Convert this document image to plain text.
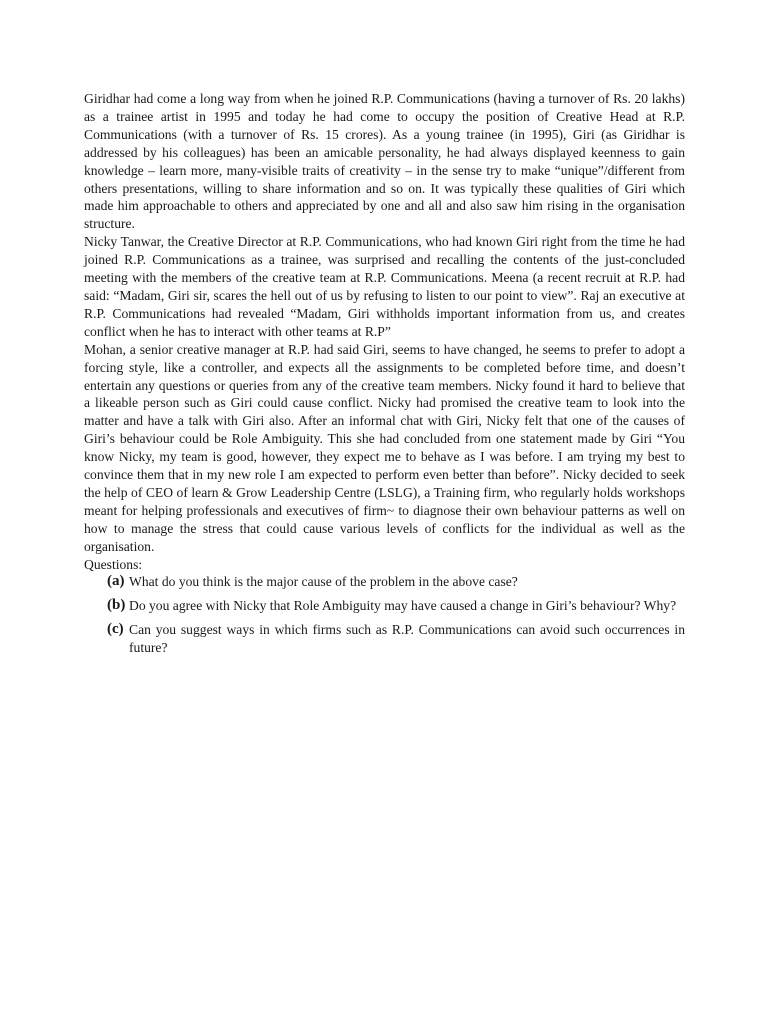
Giridhar had come a long way from when he joined R.P. Communications (having a turnover of Rs. 20 lakhs) as a trainee artist in 1995 and today he had come to occupy the position of Creative Head at R.P. Communications (with a turnover of Rs. 15 crores). As a young trainee (in 1995), Giri (as Giridhar is addressed by his colleagues) has been an amicable personality, he had always displayed keenness to gain knowledge – learn more, many-visible traits of creativity – in the sense try to make “unique”/different from others presentations, willing to share information and so on. It was typically these qualities of Giri which made him approachable to others and appreciated by one and all and also saw him rising in the organisation structure.

Nicky Tanwar, the Creative Director at R.P. Communications, who had known Giri right from the time he had joined R.P. Communications as a trainee, was surprised and recalling the contents of the just-concluded meeting with the members of the creative team at R.P. Communications. Meena (a recent recruit at R.P. had said: “Madam, Giri sir, scares the hell out of us by refusing to listen to our point to view”. Raj an executive at R.P. Communications had revealed “Madam, Giri withholds important information from us, and creates conflict when he has to interact with other teams at R.P”

Mohan, a senior creative manager at R.P. had said Giri, seems to have changed, he seems to prefer to adopt a forcing style, like a controller, and expects all the assignments to be completed before time, and doesn’t entertain any questions or queries from any of the creative team members. Nicky found it hard to believe that a likeable person such as Giri could cause conflict. Nicky had promised the creative team to look into the matter and have a talk with Giri also. After an informal chat with Giri, Nicky felt that one of the causes of Giri’s behaviour could be Role Ambiguity. This she had concluded from one statement made by Giri “You know Nicky, my team is good, however, they expect me to behave as I was before. I am trying my best to convince them that in my new role I am expected to perform even better than before”. Nicky decided to seek the help of CEO of learn & Grow Leadership Centre (LSLG), a Training firm, who regularly holds workshops meant for helping professionals and executives of firm~ to diagnose their own behaviour patterns as well on how to manage the stress that could cause various levels of conflicts for the individual as well as the organisation.

Questions:

(a) What do you think is the major cause of the problem in the above case?
(b) Do you agree with Nicky that Role Ambiguity may have caused a change in Giri’s behaviour? Why?
(c) Can you suggest ways in which firms such as R.P. Communications can avoid such occurrences in future?
